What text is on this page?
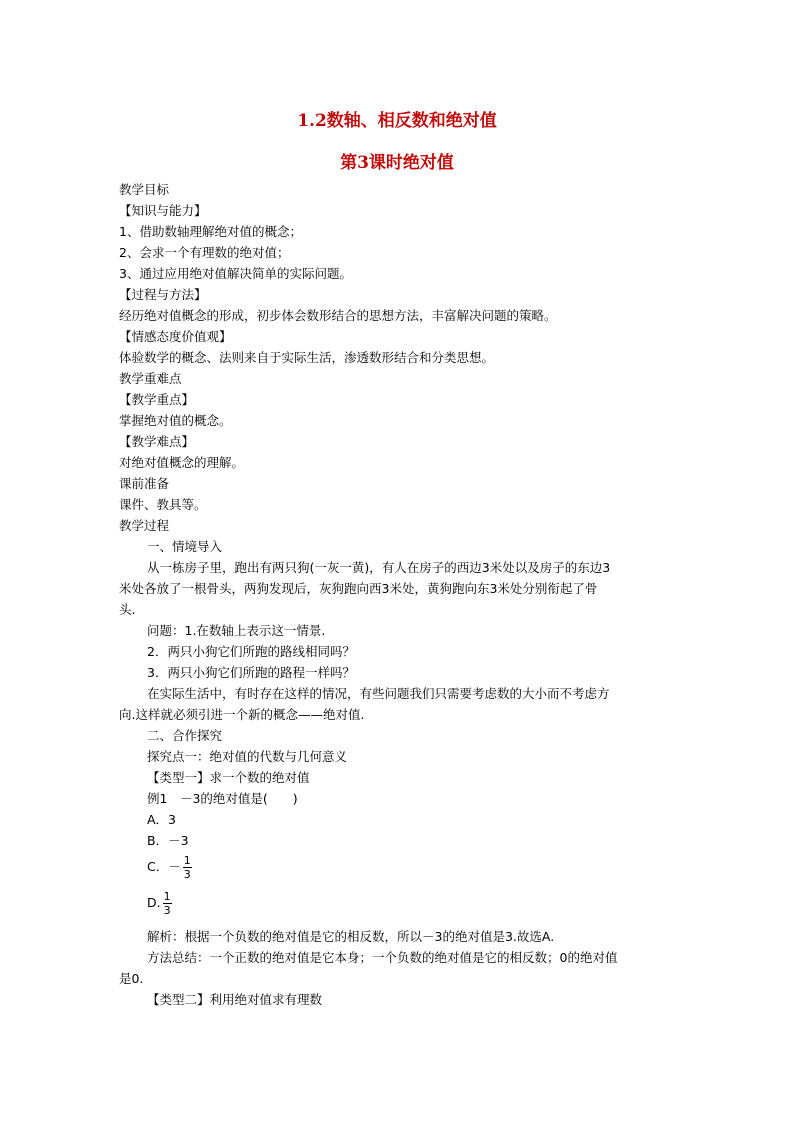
1.2数轴、相反数和绝对值
第3课时绝对值
教学目标
【知识与能力】
1、借助数轴理解绝对值的概念；
2、会求一个有理数的绝对值；
3、通过应用绝对值解决简单的实际问题。
【过程与方法】
经历绝对值概念的形成，初步体会数形结合的思想方法，丰富解决问题的策略。
【情感态度价值观】
体验数学的概念、法则来自于实际生活，渗透数形结合和分类思想。
教学重难点
【教学重点】
掌握绝对值的概念。
【教学难点】
对绝对值概念的理解。
课前准备
课件、教具等。
教学过程
一、情境导入
从一栋房子里，跑出有两只狗(一灰一黄)，有人在房子的西边3米处以及房子的东边3
米处各放了一根骨头，两狗发现后，灰狗跑向西3米处，黄狗跑向东3米处分别衔起了骨
头.
问题：1.在数轴上表示这一情景.
2．两只小狗它们所跑的路线相同吗？
3．两只小狗它们所跑的路程一样吗？
在实际生活中，有时存在这样的情况，有些问题我们只需要考虑数的大小而不考虑方
向.这样就必须引进一个新的概念——绝对值.
二、合作探究
探究点一：绝对值的代数与几何意义
【类型一】求一个数的绝对值
例1　－3的绝对值是(　　)
A．3
B．－3
C．－ $\frac{1}{3}$
D. $\frac{1}{3}$
解析：根据一个负数的绝对值是它的相反数，所以－3的绝对值是3.故选A.
方法总结：一个正数的绝对值是它本身；一个负数的绝对值是它的相反数；0的绝对值
是0.
【类型二】利用绝对值求有理数
